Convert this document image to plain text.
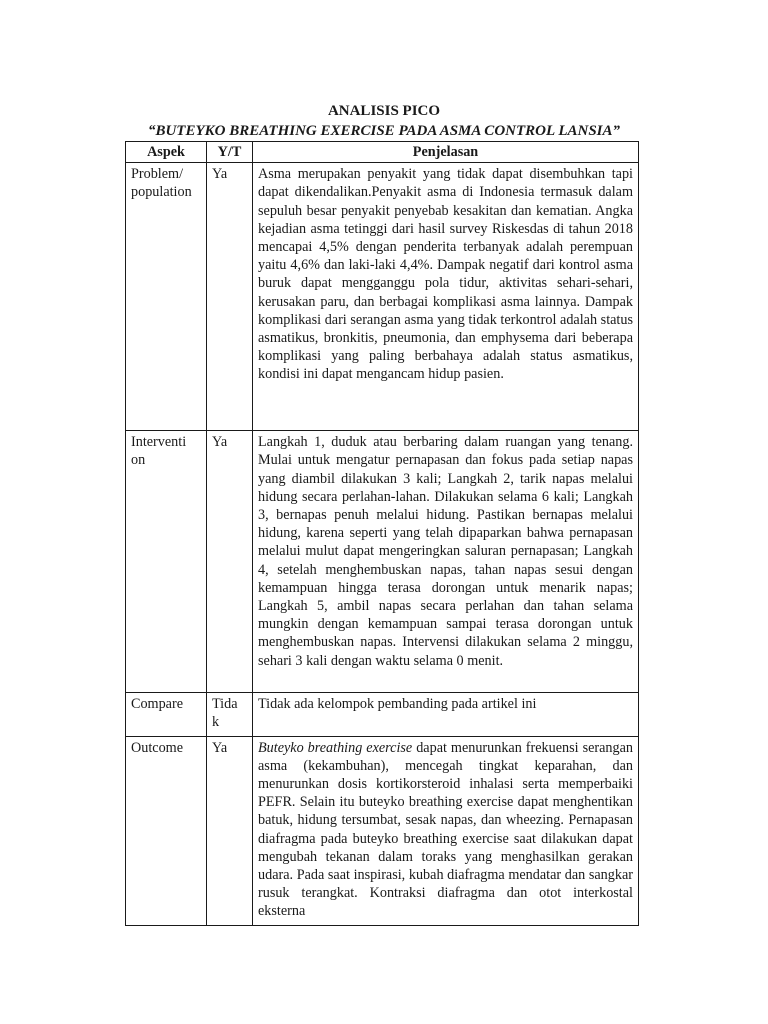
ANALISIS PICO
“BUTEYKO BREATHING EXERCISE PADA ASMA CONTROL LANSIA”
Aspek	Y/T	Penjelasan
Problem/ population	Ya	Asma merupakan penyakit yang tidak dapat disembuhkan tapi dapat dikendalikan.Penyakit asma di Indonesia termasuk dalam sepuluh besar penyakit penyebab kesakitan dan kematian. Angka kejadian asma tetinggi dari hasil survey Riskesdas di tahun 2018 mencapai 4,5% dengan penderita terbanyak adalah perempuan yaitu 4,6% dan laki-laki 4,4%. Dampak negatif dari kontrol asma buruk dapat mengganggu pola tidur, aktivitas sehari-sehari, kerusakan paru, dan berbagai komplikasi asma lainnya. Dampak komplikasi dari serangan asma yang tidak terkontrol adalah status asmatikus, bronkitis, pneumonia, dan emphysema dari beberapa komplikasi yang paling berbahaya adalah status asmatikus, kondisi ini dapat mengancam hidup pasien.
Interventi on	Ya	Langkah 1, duduk atau berbaring dalam ruangan yang tenang. Mulai untuk mengatur pernapasan dan fokus pada setiap napas yang diambil dilakukan 3 kali; Langkah 2, tarik napas melalui hidung secara perlahan-lahan. Dilakukan selama 6 kali; Langkah 3, bernapas penuh melalui hidung. Pastikan bernapas melalui hidung, karena seperti yang telah dipaparkan bahwa pernapasan melalui mulut dapat mengeringkan saluran pernapasan; Langkah 4, setelah menghembuskan napas, tahan napas sesui dengan kemampuan hingga terasa dorongan untuk menarik napas; Langkah 5, ambil napas secara perlahan dan tahan selama mungkin dengan kemampuan sampai terasa dorongan untuk menghembuskan napas. Intervensi dilakukan selama 2 minggu, sehari 3 kali dengan waktu selama 0 menit.
Compare	Tida k	Tidak ada kelompok pembanding pada artikel ini
Outcome	Ya	Buteyko breathing exercise dapat menurunkan frekuensi serangan asma (kekambuhan), mencegah tingkat keparahan, dan menurunkan dosis kortikorsteroid inhalasi serta memperbaiki PEFR. Selain itu buteyko breathing exercise dapat menghentikan batuk, hidung tersumbat, sesak napas, dan wheezing. Pernapasan diafragma pada buteyko breathing exercise saat dilakukan dapat mengubah tekanan dalam toraks yang menghasilkan gerakan udara. Pada saat inspirasi, kubah diafragma mendatar dan sangkar rusuk terangkat. Kontraksi diafragma dan otot interkostal eksterna
